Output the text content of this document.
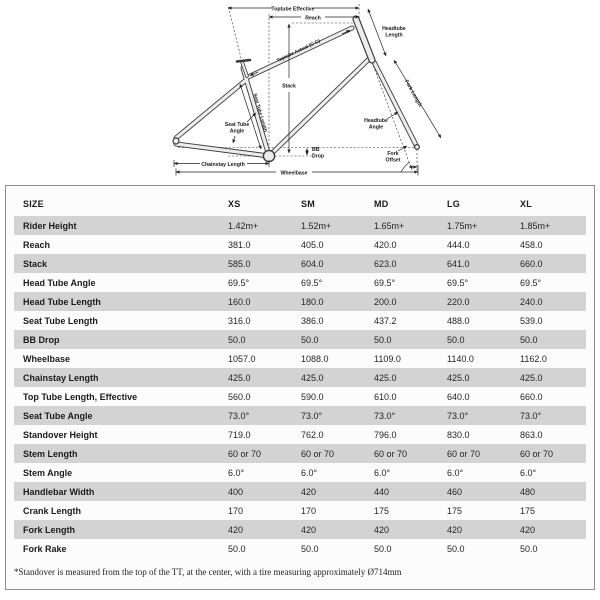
Toptube Effective
Reach
Toptube Actual (C-C)
Stack
Headtube
Length
Fork Length
Seat Tube Length
Seat Tube
Angle
Headtube
Angle
BB
Drop
Chainstay Length
Wheelbase
Fork
Offset
SIZE	XS	SM	MD	LG	XL
Rider Height	1.42m+	1.52m+	1.65m+	1.75m+	1.85m+
Reach	381.0	405.0	420.0	444.0	458.0
Stack	585.0	604.0	623.0	641.0	660.0
Head Tube Angle	69.5°	69.5°	69.5°	69.5°	69.5°
Head Tube Length	160.0	180.0	200.0	220.0	240.0
Seat Tube Length	316.0	386.0	437.2	488.0	539.0
BB Drop	50.0	50.0	50.0	50.0	50.0
Wheelbase	1057.0	1088.0	1109.0	1140.0	1162.0
Chainstay Length	425.0	425.0	425.0	425.0	425.0
Top Tube Length, Effective	560.0	590.0	610.0	640.0	660.0
Seat Tube Angle	73.0°	73.0°	73.0°	73.0°	73.0°
Standover Height	719.0	762.0	796.0	830.0	863.0
Stem Length	60 or 70	60 or 70	60 or 70	60 or 70	60 or 70
Stem Angle	6.0°	6.0°	6.0°	6.0°	6.0°
Handlebar Width	400	420	440	460	480
Crank Length	170	170	175	175	175
Fork Length	420	420	420	420	420
Fork Rake	50.0	50.0	50.0	50.0	50.0
*Standover is measured from the top of the TT, at the center, with a tire measuring approximately Ø714mm
